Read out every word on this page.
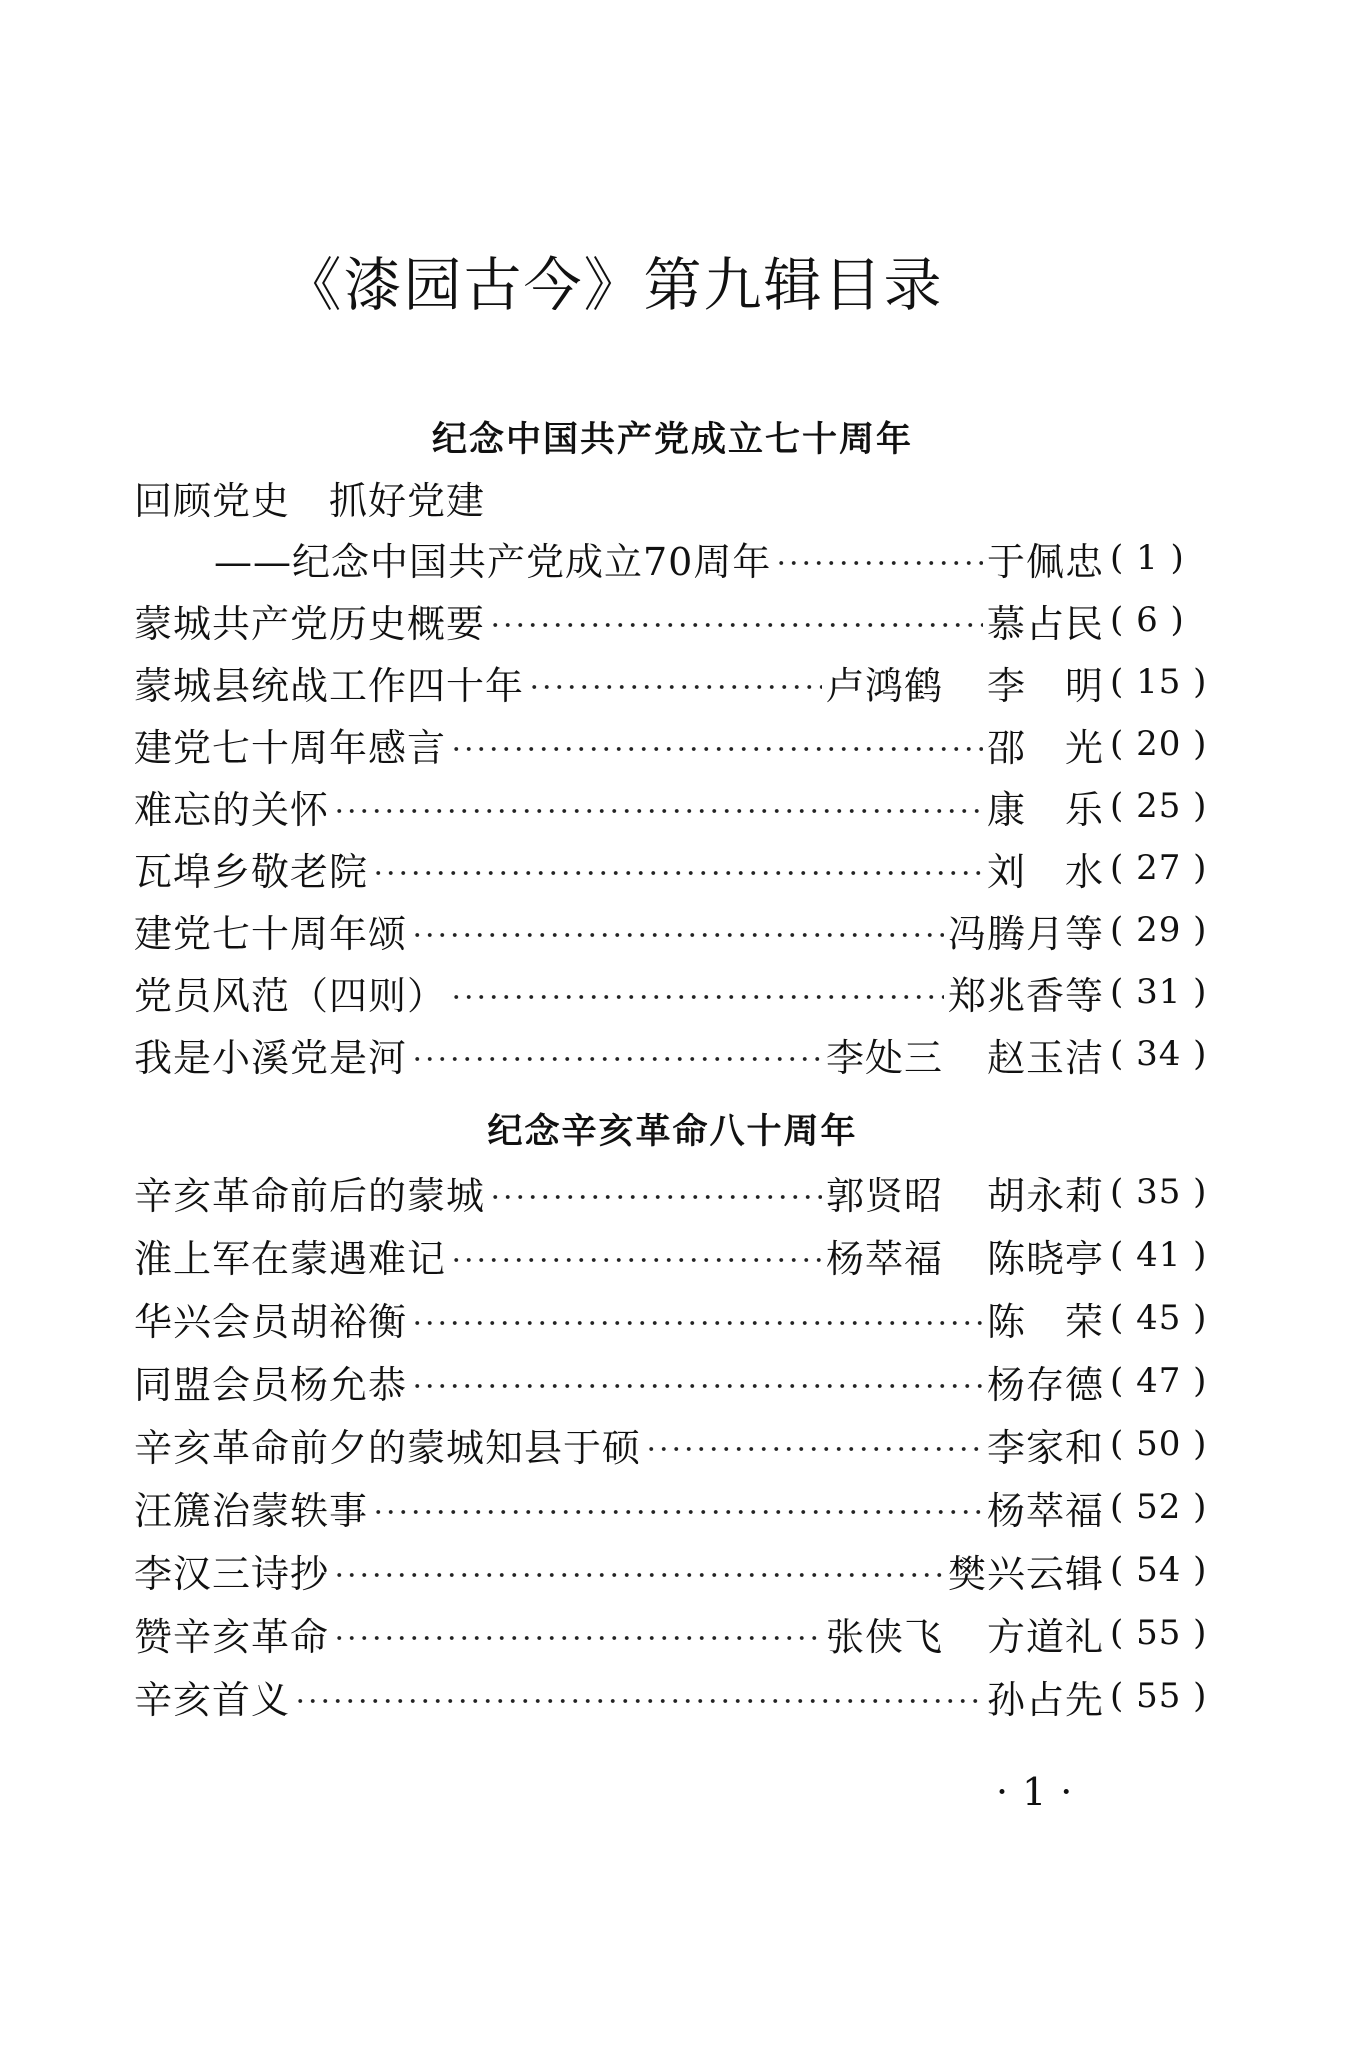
《漆园古今》第九辑目录
纪念中国共产党成立七十周年
回顾党史　抓好党建
——纪念中国共产党成立70周年	于佩忠 ( 1 )
蒙城共产党历史概要	慕占民 ( 6 )
蒙城县统战工作四十年	卢鸿鹤 李　明 ( 15 )
建党七十周年感言	邵　光 ( 20 )
难忘的关怀	康　乐 ( 25 )
瓦埠乡敬老院	刘　水 ( 27 )
建党七十周年颂	冯腾月等 ( 29 )
党员风范（四则）	郑兆香等 ( 31 )
我是小溪党是河	李处三 赵玉洁 ( 34 )
纪念辛亥革命八十周年
辛亥革命前后的蒙城	郭贤昭 胡永莉 ( 35 )
淮上军在蒙遇难记	杨萃福 陈晓亭 ( 41 )
华兴会员胡裕衡	陈　荣 ( 45 )
同盟会员杨允恭	杨存德 ( 47 )
辛亥革命前夕的蒙城知县于硕	李家和 ( 50 )
汪篪治蒙轶事	杨萃福 ( 52 )
李汉三诗抄	樊兴云辑 ( 54 )
赞辛亥革命	张侠飞 方道礼 ( 55 )
辛亥首义	孙占先 ( 55 )
·1·
